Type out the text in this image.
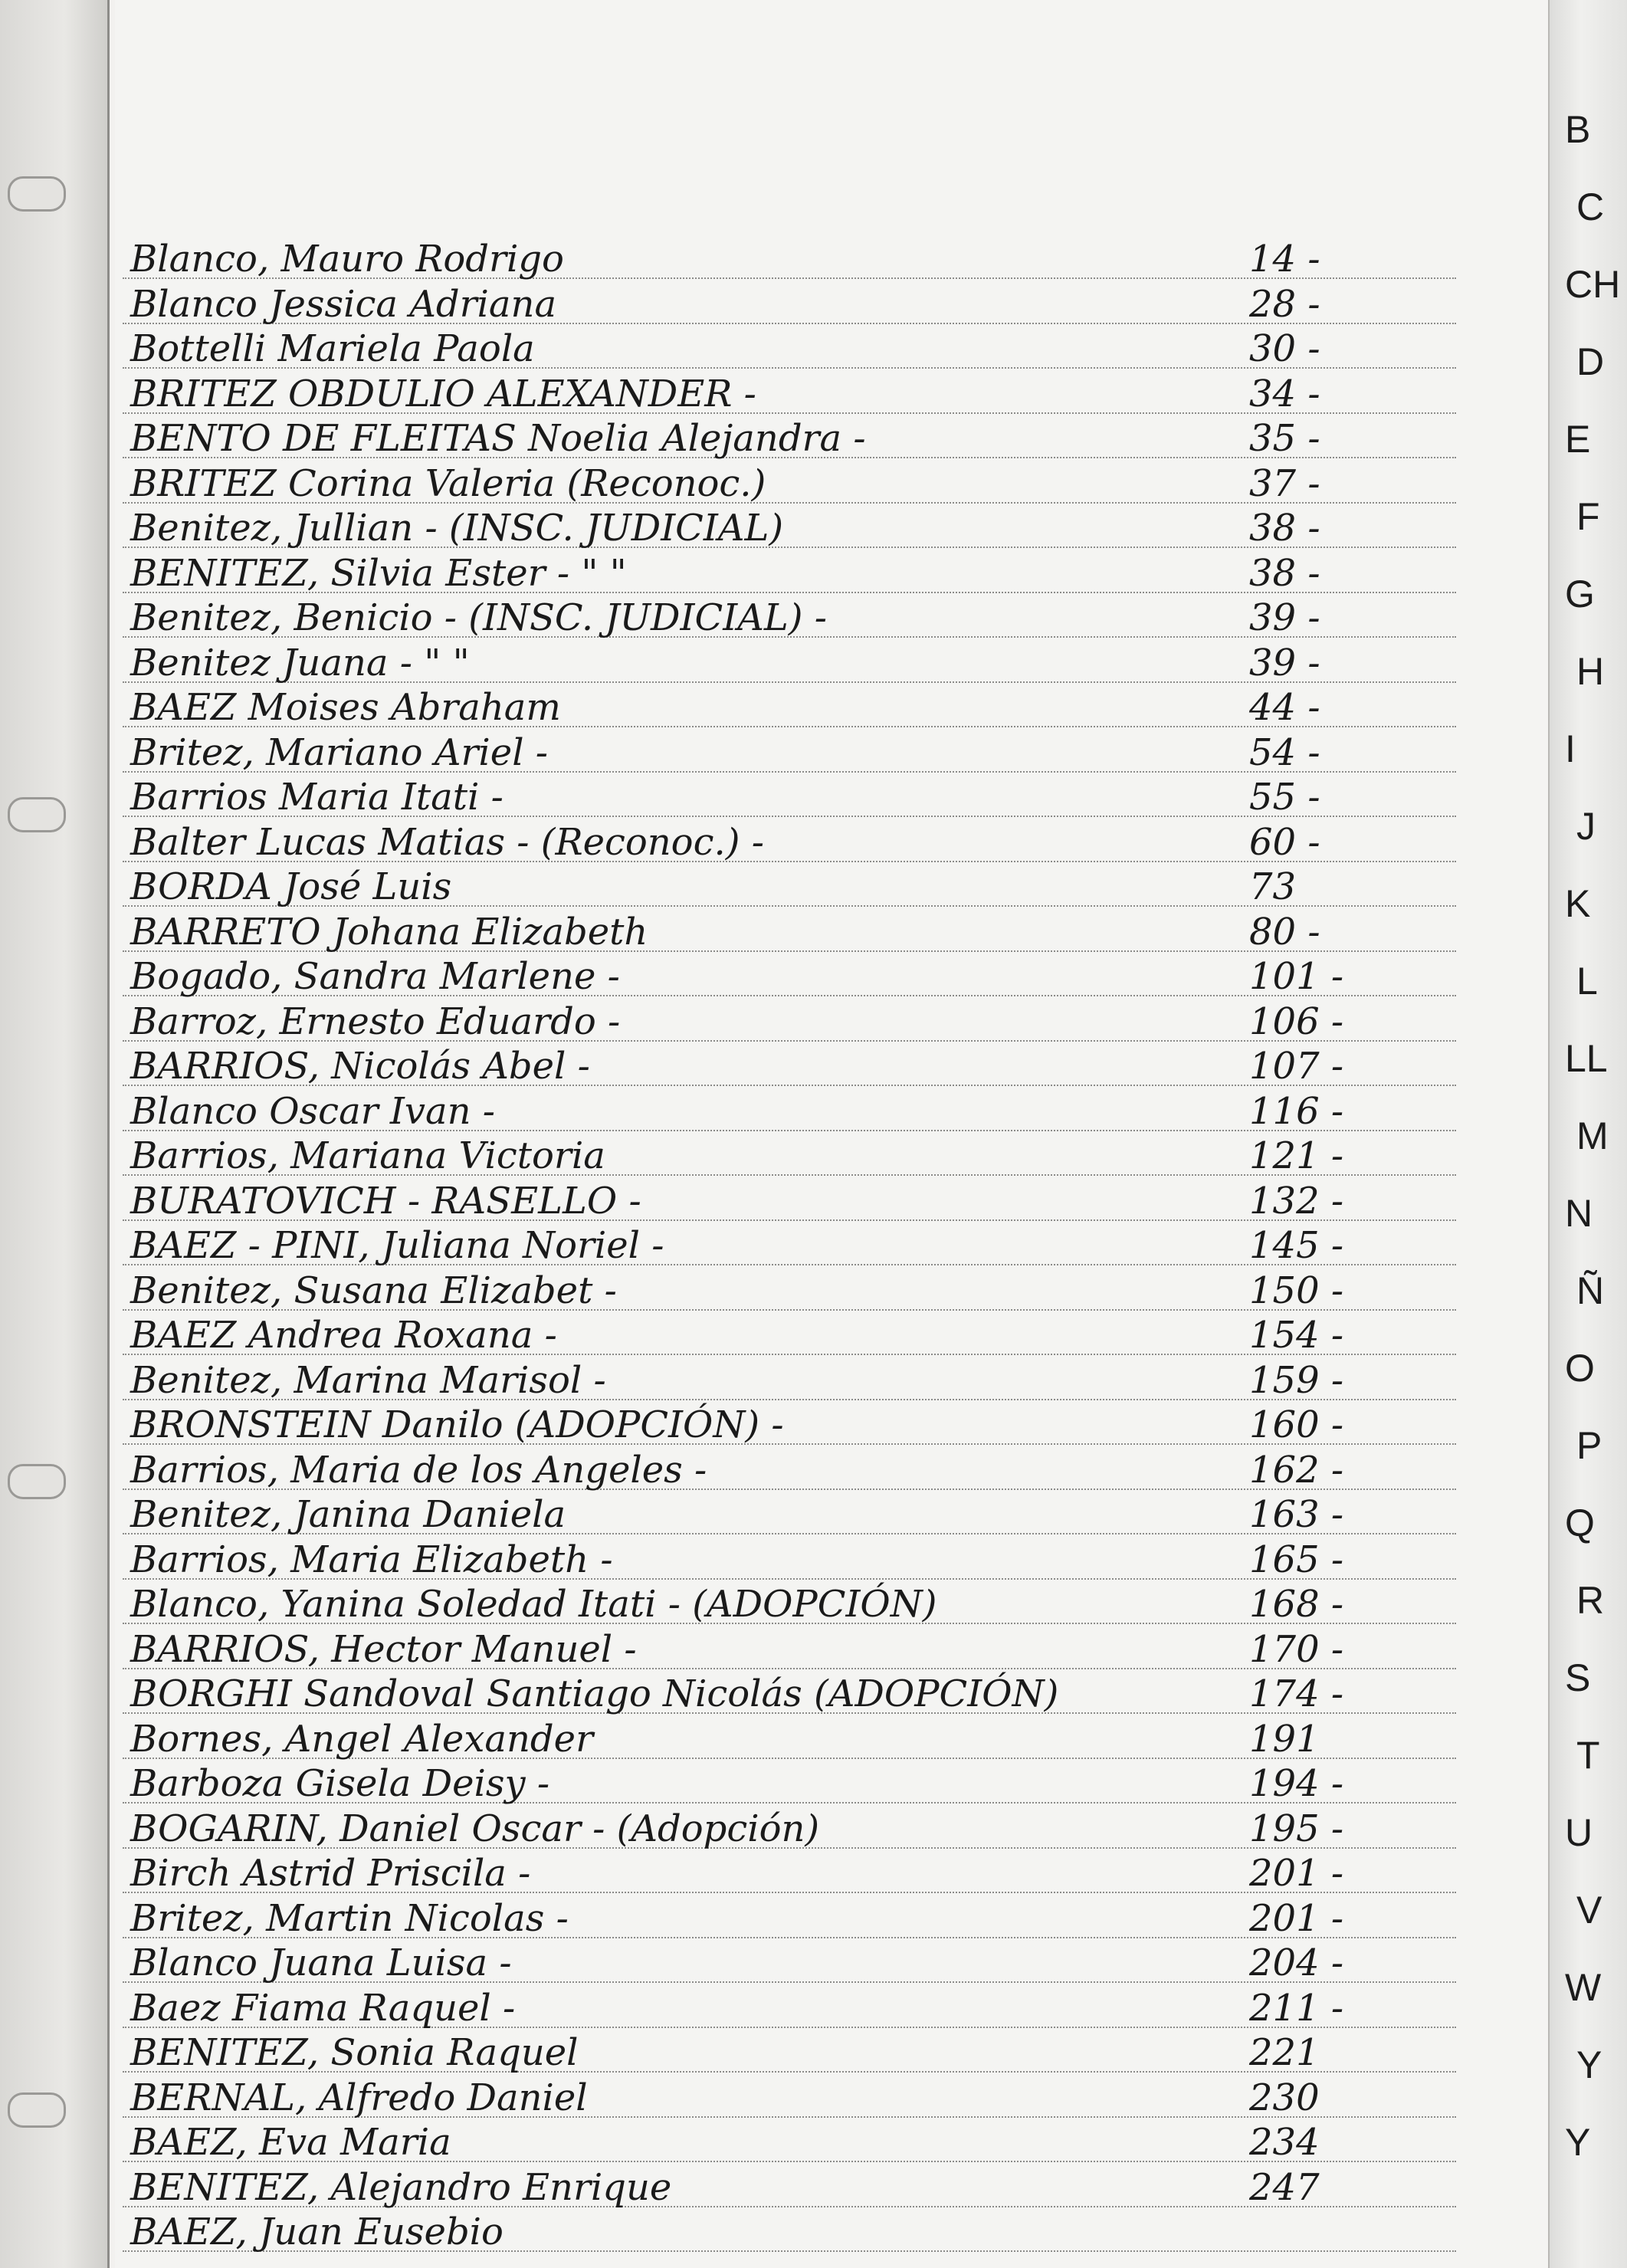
B
C
CH
D
E
F
G
H
I
J
K
L
LL
M
N
Ñ
O
P
Q
R
S
T
U
V
W
Y
Y
Blanco, Mauro Rodrigo	14 -
Blanco Jessica Adriana	28 -
Bottelli Mariela Paola	30 -
BRITEZ OBDULIO ALEXANDER -	34 -
BENTO DE FLEITAS Noelia Alejandra -	35 -
BRITEZ Corina Valeria (Reconoc.)	37 -
Benitez, Jullian - (INSC. JUDICIAL)	38 -
BENITEZ, Silvia Ester - " "	38 -
Benitez, Benicio - (INSC. JUDICIAL) -	39 -
Benitez Juana - " "	39 -
BAEZ Moises Abraham	44 -
Britez, Mariano Ariel -	54 -
Barrios Maria Itati -	55 -
Balter Lucas Matias - (Reconoc.) -	60 -
BORDA José Luis	73
BARRETO Johana Elizabeth	80 -
Bogado, Sandra Marlene -	101 -
Barroz, Ernesto Eduardo -	106 -
BARRIOS, Nicolás Abel -	107 -
Blanco Oscar Ivan -	116 -
Barrios, Mariana Victoria	121 -
BURATOVICH - RASELLO -	132 -
BAEZ - PINI, Juliana Noriel -	145 -
Benitez, Susana Elizabet -	150 -
BAEZ Andrea Roxana -	154 -
Benitez, Marina Marisol -	159 -
BRONSTEIN Danilo (ADOPCIÓN) -	160 -
Barrios, Maria de los Angeles -	162 -
Benitez, Janina Daniela	163 -
Barrios, Maria Elizabeth -	165 -
Blanco, Yanina Soledad Itati - (ADOPCIÓN)	168 -
BARRIOS, Hector Manuel -	170 -
BORGHI Sandoval Santiago Nicolás (ADOPCIÓN)	174 -
Bornes, Angel Alexander	191
Barboza Gisela Deisy -	194 -
BOGARIN, Daniel Oscar - (Adopción)	195 -
Birch Astrid Priscila -	201 -
Britez, Martin Nicolas -	201 -
Blanco Juana Luisa -	204 -
Baez Fiama Raquel -	211 -
BENITEZ, Sonia Raquel	221
BERNAL, Alfredo Daniel	230
BAEZ, Eva Maria	234
BENITEZ, Alejandro Enrique	247
BAEZ, Juan Eusebio
